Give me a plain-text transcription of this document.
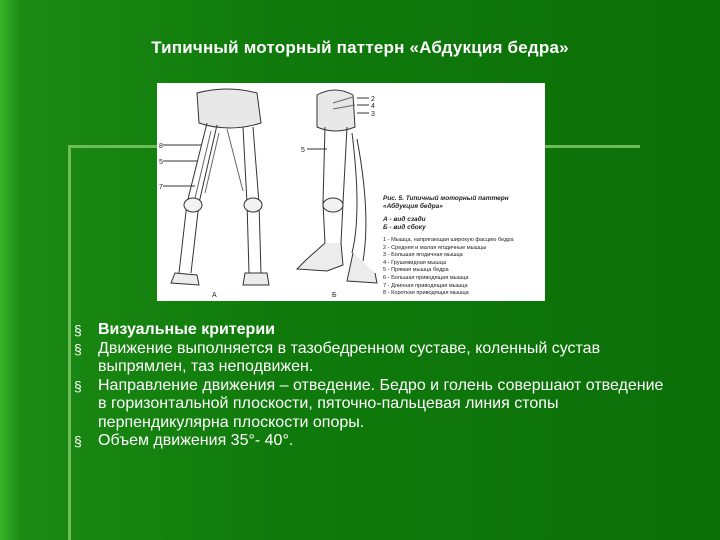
Типичный моторный паттерн «Абдукция бедра»
8
5
7
5
2
4
3
А	Б
Рис. 5. Типичный моторный паттерн «Абдукция бедра»
А - вид сзади
Б - вид сбоку
1 - Мышца, напрягающая широкую фасцию бедра
2 - Средняя и малая ягодичные мышцы
3 - Большая ягодичная мышца
4 - Грушевидная мышца
5 - Прямая мышца бедра
6 - Большая приводящая мышца
7 - Длинная приводящая мышца
8 - Короткая приводящая мышца
§ Визуальные критерии
§ Движение выполняется в тазобедренном суставе, коленный сустав выпрямлен, таз неподвижен.
§ Направление движения – отведение. Бедро и голень совершают отведение в горизонтальной плоскости, пяточно-пальцевая линия стопы перпендикулярна плоскости опоры.
§ Объем движения 35°- 40°.
